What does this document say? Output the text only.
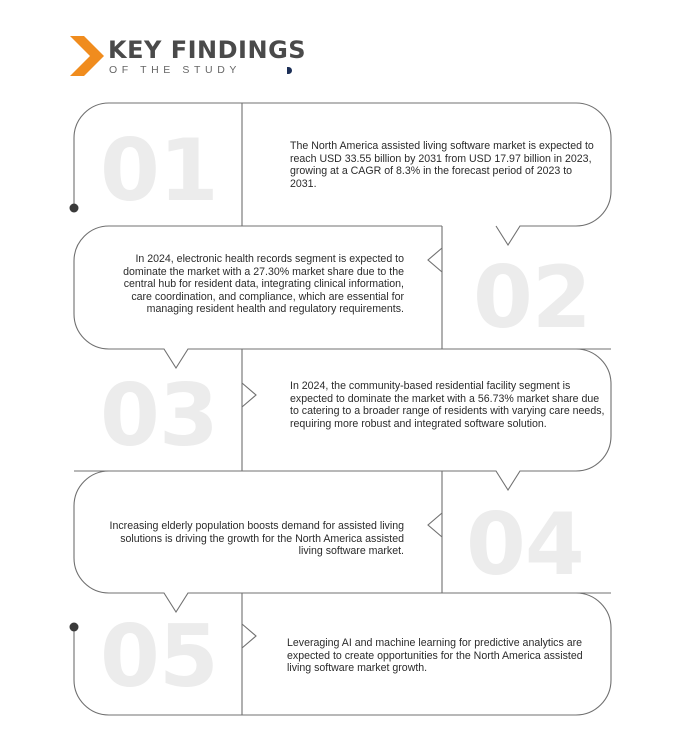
KEY FINDINGS
OF THE STUDY
01	The North America assisted living software market is expected to reach USD 33.55 billion by 2031 from USD 17.97 billion in 2023, growing at a CAGR of 8.3% in the forecast period of 2023 to 2031.
02
In 2024, electronic health records segment is expected to dominate the market with a 27.30% market share due to the central hub for resident data, integrating clinical information, care coordination, and compliance, which are essential for managing resident health and regulatory requirements.
03	In 2024, the community-based residential facility segment is expected to dominate the market with a 56.73% market share due to catering to a broader range of residents with varying care needs, requiring more robust and integrated software solution.
04
Increasing elderly population boosts demand for assisted living solutions is driving the growth for the North America assisted living software market.
05	Leveraging AI and machine learning for predictive analytics are expected to create opportunities for the North America assisted living software market growth.
